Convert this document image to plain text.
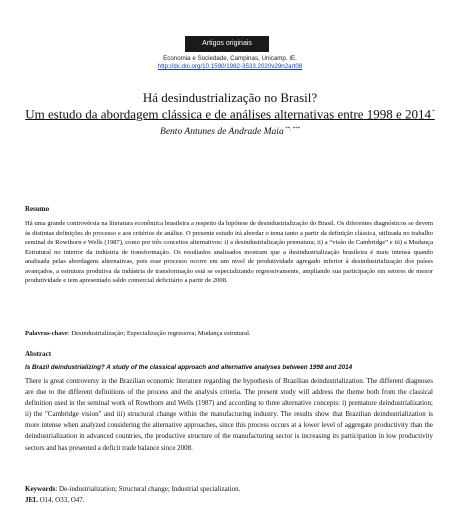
Artigos originais
Economia e Sociedade, Campinas, Unicamp. IE.
http://dx.doi.org/10.1590/1982-3533.2020v29n2art08
Há desindustrialização no Brasil?
Um estudo da abordagem clássica e de análises alternativas entre 1998 e 2014 *
Bento Antunes de Andrade Maia **, ***
Resumo
Há uma grande controvérsia na literatura econômica brasileira a respeito da hipótese de desindustrialização do Brasil. Os diferentes diagnósticos se devem às distintas definições do processo e aos critérios de análise. O presente estudo irá abordar o tema tanto a partir da definição clássica, utilizada no trabalho seminal de Rowthorn e Wells (1987), como por três conceitos alternativos: i) a desindustrialização prematura; ii) a “visão de Cambridge” e iii) a Mudança Estrutural no interior da indústria de transformação. Os resultados analisados mostram que a desindustrialização brasileira é mais intensa quando analisada pelas abordagens alternativas, pois esse processo ocorre em um nível de produtividade agregado inferior à desindustrialização dos países avançados, a estrutura produtiva da indústria de transformação está se especializando regressivamente, ampliando sua participação em setores de menor produtividade e tem apresentado saldo comercial deficitário a partir de 2008.
Palavras-chave: Desindustrialização; Especialização regressiva; Mudança estrutural.
Abstract
Is Brazil deindustrializing? A study of the classical approach and alternative analyses between 1998 and 2014
There is great controversy in the Brazilian economic literature regarding the hypothesis of Brazilian deindustrialization. The different diagnoses are due to the different definitions of the process and the analysis criteria. The present study will address the theme both from the classical definition used in the seminal work of Rowthorn and Wells (1987) and according to three alternative concepts: i) premature deindustrialization; ii) the "Cambridge vision" and iii) structural change within the manufacturing industry. The results show that Brazilian deindustrialization is more intense when analyzed considering the alternative approaches, since this process occurs at a lower level of aggregate productivity than the deindustrialization in advanced countries, the productive structure of the manufacturing sector is increasing its participation in low productivity sectors and has presented a deficit trade balance since 2008.
Keywords: De-industrialization; Structural change; Industrial specialization.
JEL O14, O33, O47.
